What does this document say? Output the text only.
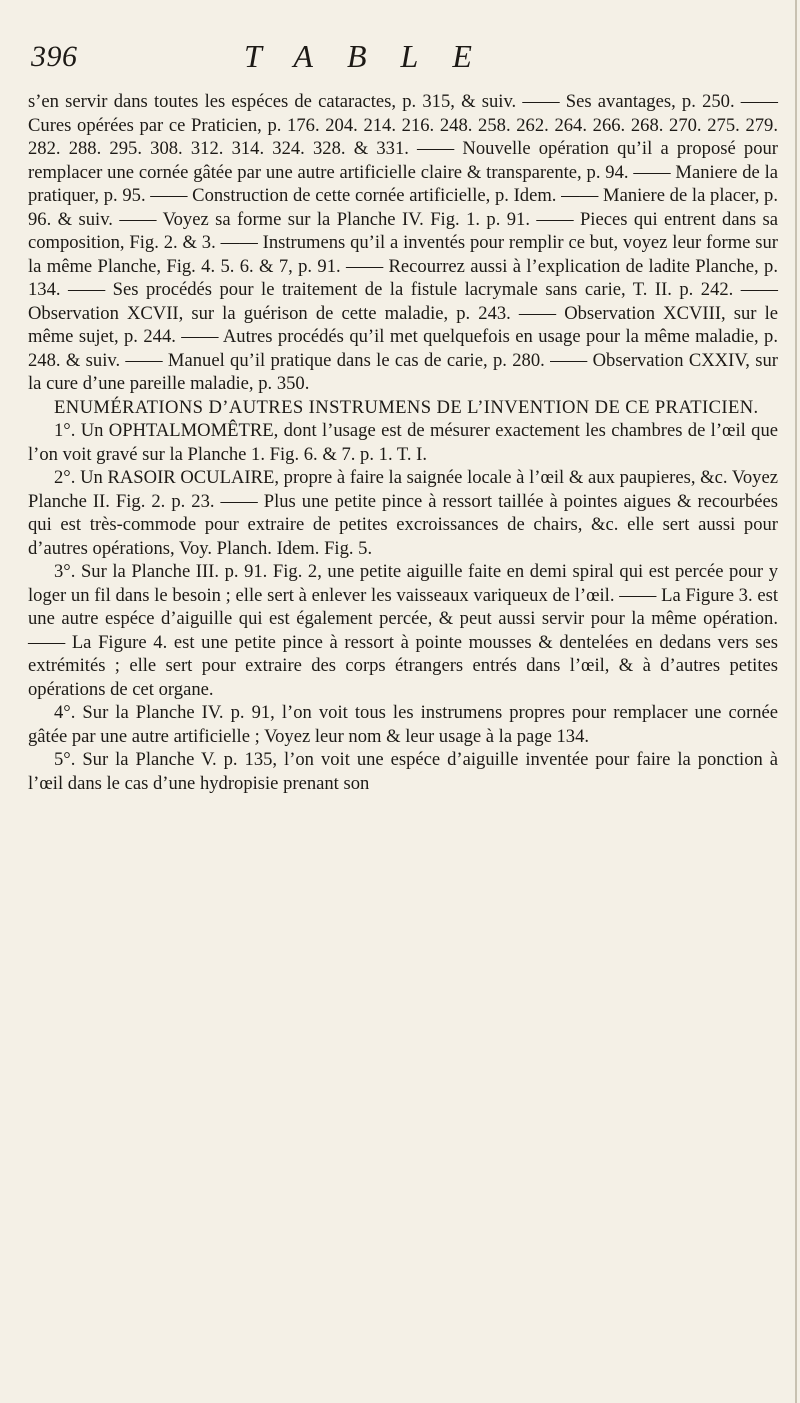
396	TABLE

s’en servir dans toutes les espéces de cataractes, p. 315, & suiv. —— Ses avantages, p. 250. —— Cures opérées par ce Praticien, p. 176. 204. 214. 216. 248. 258. 262. 264. 266. 268. 270. 275. 279. 282. 288. 295. 308. 312. 314. 324. 328. & 331. —— Nouvelle opération qu’il a proposé pour remplacer une cornée gâtée par une autre artificielle claire & transparente, p. 94. —— Maniere de la pratiquer, p. 95. —— Construction de cette cornée artificielle, p. Idem. —— Maniere de la placer, p. 96. & suiv. —— Voyez sa forme sur la Planche IV. Fig. 1. p. 91. —— Pieces qui entrent dans sa composition, Fig. 2. & 3. —— Instrumens qu’il a inventés pour remplir ce but, voyez leur forme sur la même Planche, Fig. 4. 5. 6. & 7, p. 91. —— Recourrez aussi à l’explication de ladite Planche, p. 134. —— Ses procédés pour le traitement de la fistule lacrymale sans carie, T. II. p. 242. —— Observation XCVII, sur la guérison de cette maladie, p. 243. —— Observation XCVIII, sur le même sujet, p. 244. —— Autres procédés qu’il met quelquefois en usage pour la même maladie, p. 248. & suiv. —— Manuel qu’il pratique dans le cas de carie, p. 280. —— Observation CXXIV, sur la cure d’une pareille maladie, p. 350.

ENUMÉRATIONS D’AUTRES INSTRUMENS DE L’INVENTION DE CE PRATICIEN.

1°. Un OPHTALMOMÊTRE, dont l’usage est de mésurer exactement les chambres de l’œil que l’on voit gravé sur la Planche 1. Fig. 6. & 7. p. 1. T. I.

2°. Un RASOIR OCULAIRE, propre à faire la saignée locale à l’œil & aux paupieres, &c. Voyez Planche II. Fig. 2. p. 23. —— Plus une petite pince à ressort taillée à pointes aigues & recourbées qui est très-commode pour extraire de petites excroissances de chairs, &c. elle sert aussi pour d’autres opérations, Voy. Planch. Idem. Fig. 5.

3°. Sur la Planche III. p. 91. Fig. 2, une petite aiguille faite en demi spiral qui est percée pour y loger un fil dans le besoin ; elle sert à enlever les vaisseaux variqueux de l’œil. —— La Figure 3. est une autre espéce d’aiguille qui est également percée, & peut aussi servir pour la même opération. —— La Figure 4. est une petite pince à ressort à pointe mousses & dentelées en dedans vers ses extrémités ; elle sert pour extraire des corps étrangers entrés dans l’œil, & à d’autres petites opérations de cet organe.

4°. Sur la Planche IV. p. 91, l’on voit tous les instrumens propres pour remplacer une cornée gâtée par une autre artificielle ; Voyez leur nom & leur usage à la page 134.

5°. Sur la Planche V. p. 135, l’on voit une espéce d’aiguille inventée pour faire la ponction à l’œil dans le cas d’une hydropisie prenant son
